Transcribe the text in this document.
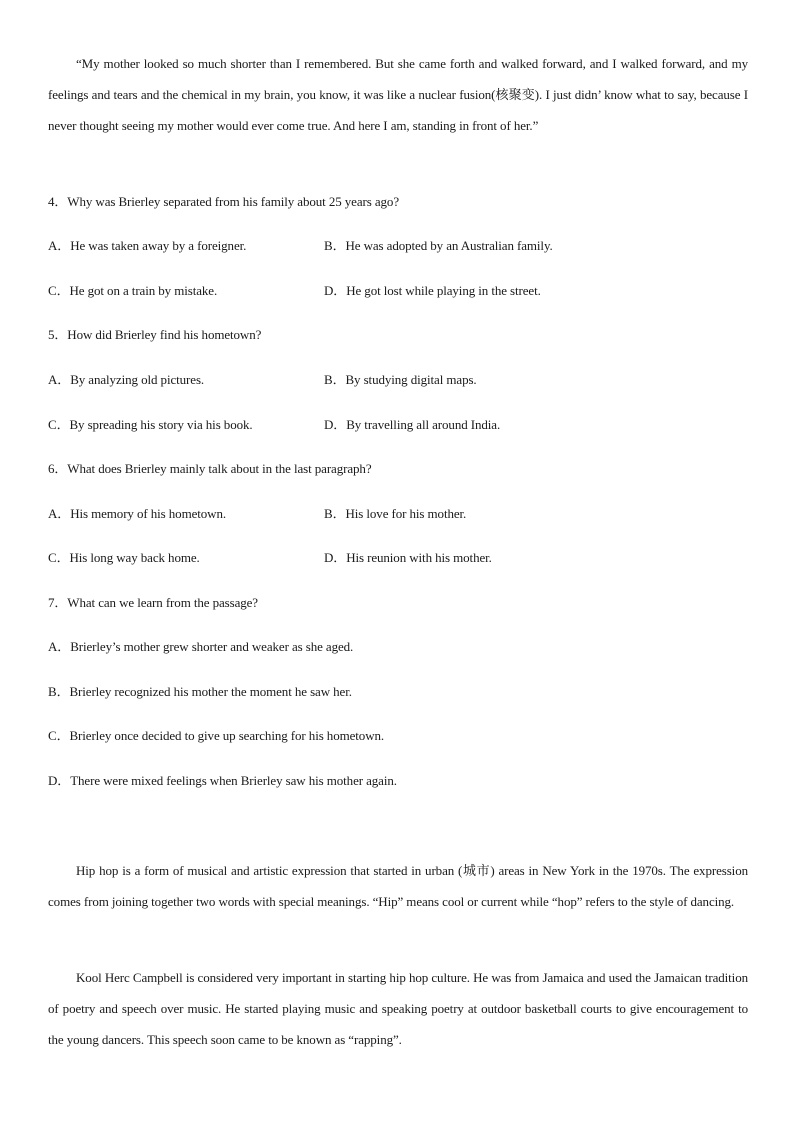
“My mother looked so much shorter than I remembered. But she came forth and walked forward, and I walked forward, and my feelings and tears and the chemical in my brain, you know, it was like a nuclear fusion(核聚变). I just didn’ know what to say, because I never thought seeing my mother would ever come true. And here I am, standing in front of her.”

4．Why was Brierley separated from his family about 25 years ago?

A．He was taken away by a foreigner.	B．He was adopted by an Australian family.
C．He got on a train by mistake.	D．He got lost while playing in the street.

5．How did Brierley find his hometown?

A．By analyzing old pictures.	B．By studying digital maps.
C．By spreading his story via his book.	D．By travelling all around India.

6．What does Brierley mainly talk about in the last paragraph?

A．His memory of his hometown.	B．His love for his mother.
C．His long way back home.	D．His reunion with his mother.

7．What can we learn from the passage?

A．Brierley’s mother grew shorter and weaker as she aged.
B．Brierley recognized his mother the moment he saw her.
C．Brierley once decided to give up searching for his hometown.
D．There were mixed feelings when Brierley saw his mother again.

Hip hop is a form of musical and artistic expression that started in urban (城市) areas in New York in the 1970s. The expression comes from joining together two words with special meanings. “Hip” means cool or current while “hop” refers to the style of dancing.

Kool Herc Campbell is considered very important in starting hip hop culture. He was from Jamaica and used the Jamaican tradition of poetry and speech over music. He started playing music and speaking poetry at outdoor basketball courts to give encouragement to the young dancers. This speech soon came to be known as “rapping”.
